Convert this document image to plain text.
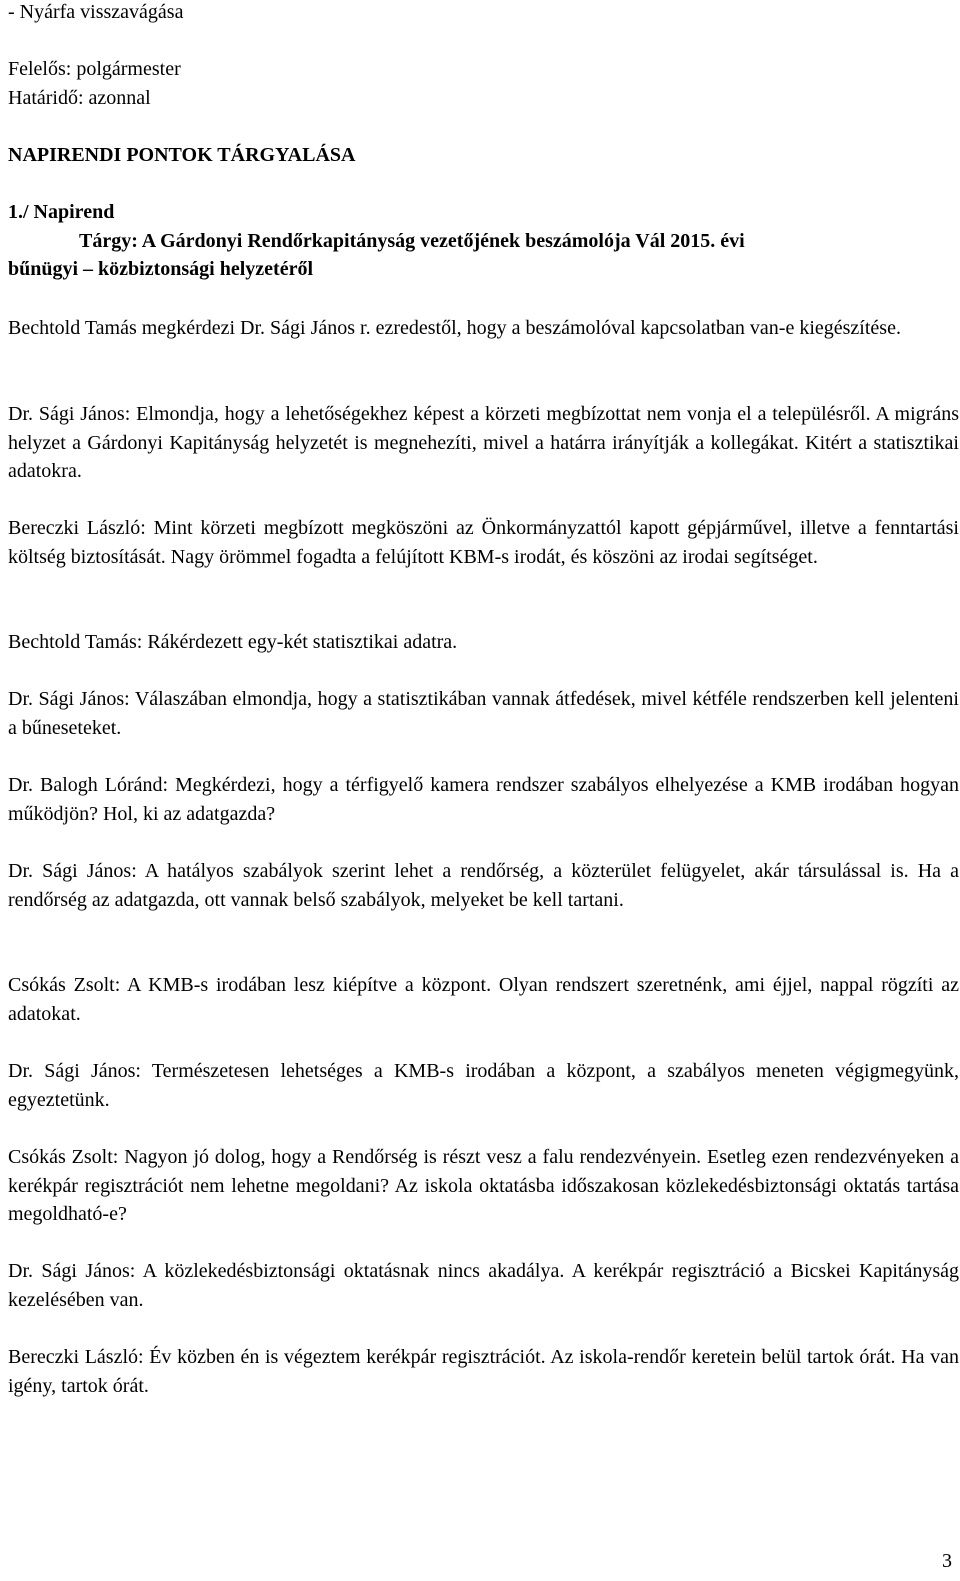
- Nyárfa visszavágása
Felelős: polgármester
Határidő: azonnal
NAPIRENDI PONTOK TÁRGYALÁSA
1./ Napirend
Tárgy: A Gárdonyi Rendőrkapitányság vezetőjének beszámolója Vál 2015. évi
bűnügyi – közbiztonsági helyzetéről

Bechtold Tamás megkérdezi Dr. Sági János r. ezredestől, hogy a beszámolóval kapcsolatban van-e kiegészítése.

Dr. Sági János: Elmondja, hogy a lehetőségekhez képest a körzeti megbízottat nem vonja el a településről. A migráns helyzet a Gárdonyi Kapitányság helyzetét is megnehezíti, mivel a határra irányítják a kollegákat. Kitért a statisztikai adatokra.

Bereczki László: Mint körzeti megbízott megköszöni az Önkormányzattól kapott gépjárművel, illetve a fenntartási költség biztosítását. Nagy örömmel fogadta a felújított KBM-s irodát, és köszöni az irodai segítséget.

Bechtold Tamás: Rákérdezett egy-két statisztikai adatra.

Dr. Sági János: Válaszában elmondja, hogy a statisztikában vannak átfedések, mivel kétféle rendszerben kell jelenteni a bűneseteket.

Dr. Balogh Lóránd: Megkérdezi, hogy a térfigyelő kamera rendszer szabályos elhelyezése a KMB irodában hogyan működjön? Hol, ki az adatgazda?

Dr. Sági János: A hatályos szabályok szerint lehet a rendőrség, a közterület felügyelet, akár társulással is. Ha a rendőrség az adatgazda, ott vannak belső szabályok, melyeket be kell tartani.

Csókás Zsolt: A KMB-s irodában lesz kiépítve a központ. Olyan rendszert szeretnénk, ami éjjel, nappal rögzíti az adatokat.

Dr. Sági János: Természetesen lehetséges a KMB-s irodában a központ, a szabályos meneten végigmegyünk, egyeztetünk.

Csókás Zsolt: Nagyon jó dolog, hogy a Rendőrség is részt vesz a falu rendezvényein. Esetleg ezen rendezvényeken a kerékpár regisztrációt nem lehetne megoldani? Az iskola oktatásba időszakosan közlekedésbiztonsági oktatás tartása megoldható-e?

Dr. Sági János: A közlekedésbiztonsági oktatásnak nincs akadálya. A kerékpár regisztráció a Bicskei Kapitányság kezelésében van.

Bereczki László: Év közben én is végeztem kerékpár regisztrációt. Az iskola-rendőr keretein belül tartok órát. Ha van igény, tartok órát.

3
